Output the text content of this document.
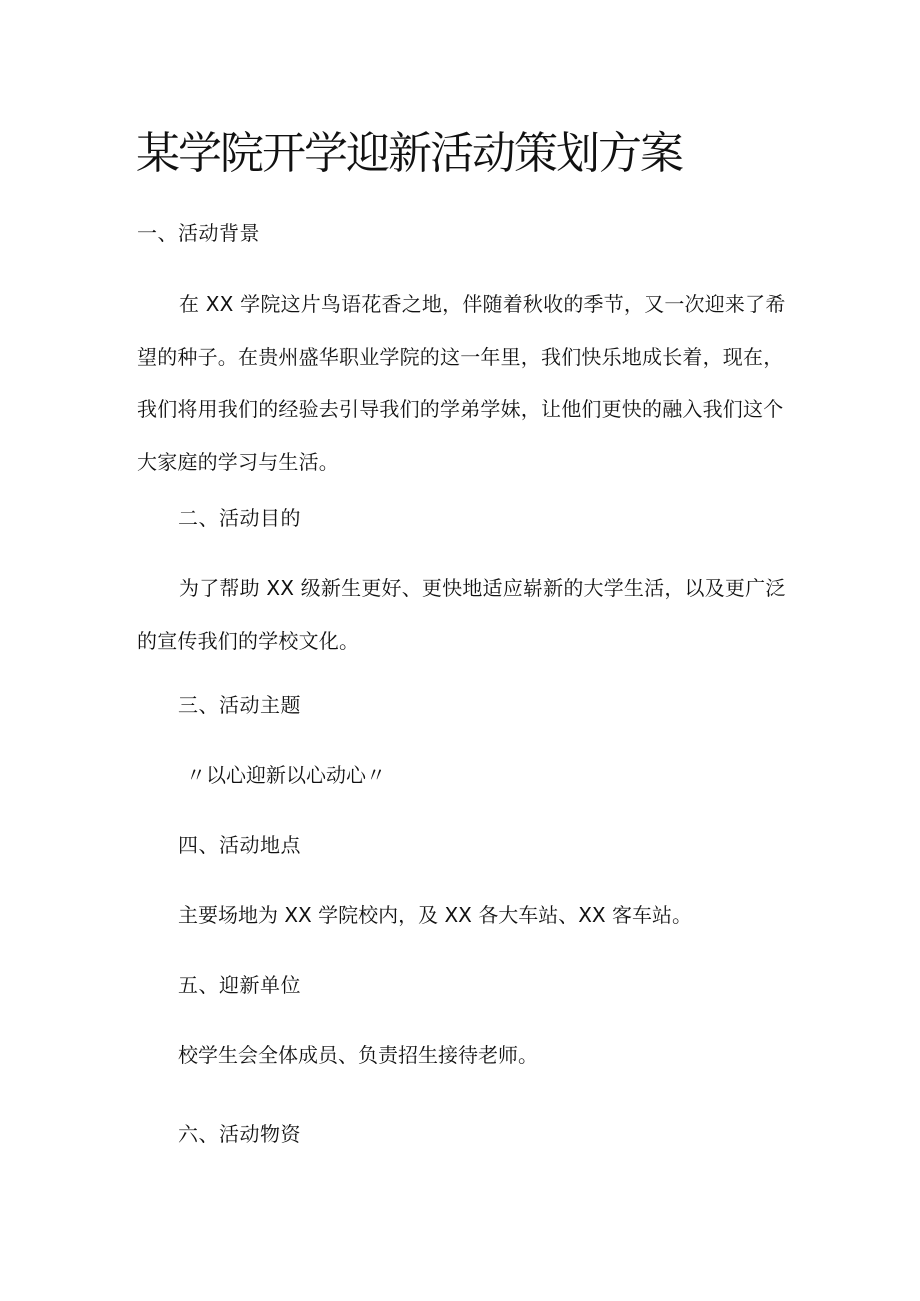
某学院开学迎新活动策划方案
一、活动背景
在 XX 学院这片鸟语花香之地，伴随着秋收的季节，又一次迎来了希
望的种子。在贵州盛华职业学院的这一年里，我们快乐地成长着，现在，
我们将用我们的经验去引导我们的学弟学妹，让他们更快的融入我们这个
大家庭的学习与生活。
二、活动目的
为了帮助 XX 级新生更好、更快地适应崭新的大学生活，以及更广泛
的宣传我们的学校文化。
三、活动主题
〃以心迎新以心动心〃
四、活动地点
主要场地为 XX 学院校内，及 XX 各大车站、XX 客车站。
五、迎新单位
校学生会全体成员、负责招生接待老师。
六、活动物资
